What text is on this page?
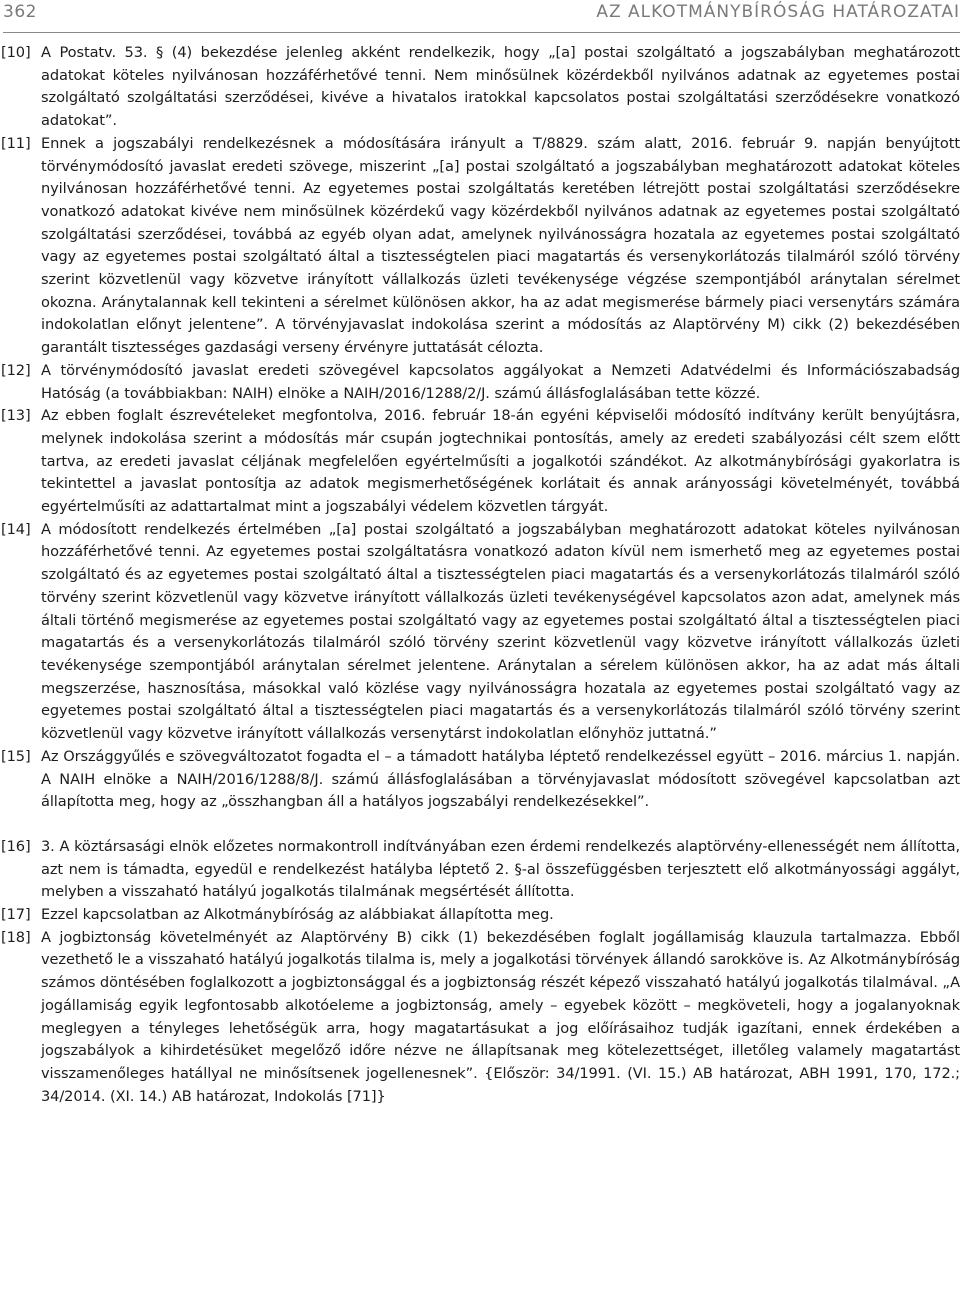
362	AZ ALKOTMÁNYBÍRÓSÁG HATÁROZATAI
[10] A Postatv. 53. § (4) bekezdése jelenleg akként rendelkezik, hogy „[a] postai szolgáltató a jogszabályban meghatározott adatokat köteles nyilvánosan hozzáférhetővé tenni. Nem minősülnek közérdekből nyilvános adatnak az egyetemes postai szolgáltató szolgáltatási szerződései, kivéve a hivatalos iratokkal kapcsolatos postai szolgáltatási szerződésekre vonatkozó adatokat”.

[11] Ennek a jogszabályi rendelkezésnek a módosítására irányult a T/8829. szám alatt, 2016. február 9. napján benyújtott törvénymódosító javaslat eredeti szövege, miszerint „[a] postai szolgáltató a jogszabályban meghatározott adatokat köteles nyilvánosan hozzáférhetővé tenni. Az egyetemes postai szolgáltatás keretében létrejött postai szolgáltatási szerződésekre vonatkozó adatokat kivéve nem minősülnek közérdekű vagy közérdekből nyilvános adatnak az egyetemes postai szolgáltató szolgáltatási szerződései, továbbá az egyéb olyan adat, amelynek nyilvánosságra hozatala az egyetemes postai szolgáltató vagy az egyetemes postai szolgáltató által a tisztességtelen piaci magatartás és versenykorlátozás tilalmáról szóló törvény szerint közvetlenül vagy közvetve irányított vállalkozás üzleti tevékenysége végzése szempontjából aránytalan sérelmet okozna. Aránytalannak kell tekinteni a sérelmet különösen akkor, ha az adat megismerése bármely piaci versenytárs számára indokolatlan előnyt jelentene”. A törvényjavaslat indokolása szerint a módosítás az Alaptörvény M) cikk (2) bekezdésében garantált tisztességes gazdasági verseny érvényre juttatását célozta.

[12] A törvénymódosító javaslat eredeti szövegével kapcsolatos aggályokat a Nemzeti Adatvédelmi és Információszabadság Hatóság (a továbbiakban: NAIH) elnöke a NAIH/2016/1288/2/J. számú állásfoglalásában tette közzé.

[13] Az ebben foglalt észrevételeket megfontolva, 2016. február 18-án egyéni képviselői módosító indítvány került benyújtásra, melynek indokolása szerint a módosítás már csupán jogtechnikai pontosítás, amely az eredeti szabályozási célt szem előtt tartva, az eredeti javaslat céljának megfelelően egyértelműsíti a jogalkotói szándékot. Az alkotmánybírósági gyakorlatra is tekintettel a javaslat pontosítja az adatok megismerhetőségének korlátait és annak arányossági követelményét, továbbá egyértelműsíti az adattartalmat mint a jogszabályi védelem közvetlen tárgyát.

[14] A módosított rendelkezés értelmében „[a] postai szolgáltató a jogszabályban meghatározott adatokat köteles nyilvánosan hozzáférhetővé tenni. Az egyetemes postai szolgáltatásra vonatkozó adaton kívül nem ismerhető meg az egyetemes postai szolgáltató és az egyetemes postai szolgáltató által a tisztességtelen piaci magatartás és a versenykorlátozás tilalmáról szóló törvény szerint közvetlenül vagy közvetve irányított vállalkozás üzleti tevékenységével kapcsolatos azon adat, amelynek más általi történő megismerése az egyetemes postai szolgáltató vagy az egyetemes postai szolgáltató által a tisztességtelen piaci magatartás és a versenykorlátozás tilalmáról szóló törvény szerint közvetlenül vagy közvetve irányított vállalkozás üzleti tevékenysége szempontjából aránytalan sérelmet jelentene. Aránytalan a sérelem különösen akkor, ha az adat más általi megszerzése, hasznosítása, másokkal való közlése vagy nyilvánosságra hozatala az egyetemes postai szolgáltató vagy az egyetemes postai szolgáltató által a tisztességtelen piaci magatartás és a versenykorlátozás tilalmáról szóló törvény szerint közvetlenül vagy közvetve irányított vállalkozás versenytárst indokolatlan előnyhöz juttatná.”

[15] Az Országgyűlés e szövegváltozatot fogadta el – a támadott hatályba léptető rendelkezéssel együtt – 2016. március 1. napján. A NAIH elnöke a NAIH/2016/1288/8/J. számú állásfoglalásában a törvényjavaslat módosított szövegével kapcsolatban azt állapította meg, hogy az „összhangban áll a hatályos jogszabályi rendelkezésekkel”.

[16] 3. A köztársasági elnök előzetes normakontroll indítványában ezen érdemi rendelkezés alaptörvény-ellenességét nem állította, azt nem is támadta, egyedül e rendelkezést hatályba léptető 2. §-al összefüggésben terjesztett elő alkotmányossági aggályt, melyben a visszaható hatályú jogalkotás tilalmának megsértését állította.

[17] Ezzel kapcsolatban az Alkotmánybíróság az alábbiakat állapította meg.

[18] A jogbiztonság követelményét az Alaptörvény B) cikk (1) bekezdésében foglalt jogállamiság klauzula tartalmazza. Ebből vezethető le a visszaható hatályú jogalkotás tilalma is, mely a jogalkotási törvények állandó sarokköve is. Az Alkotmánybíróság számos döntésében foglalkozott a jogbiztonsággal és a jogbiztonság részét képező visszaható hatályú jogalkotás tilalmával. „A jogállamiság egyik legfontosabb alkotóeleme a jogbiztonság, amely – egyebek között – megköveteli, hogy a jogalanyoknak meglegyen a tényleges lehetőségük arra, hogy magatartásukat a jog előírásaihoz tudják igazítani, ennek érdekében a jogszabályok a kihirdetésüket megelőző időre nézve ne állapítsanak meg kötelezettséget, illetőleg valamely magatartást visszamenőleges hatállyal ne minősítsenek jogellenesnek”. {Először: 34/1991. (VI. 15.) AB határozat, ABH 1991, 170, 172.; 34/2014. (XI. 14.) AB határozat, Indokolás [71]}
